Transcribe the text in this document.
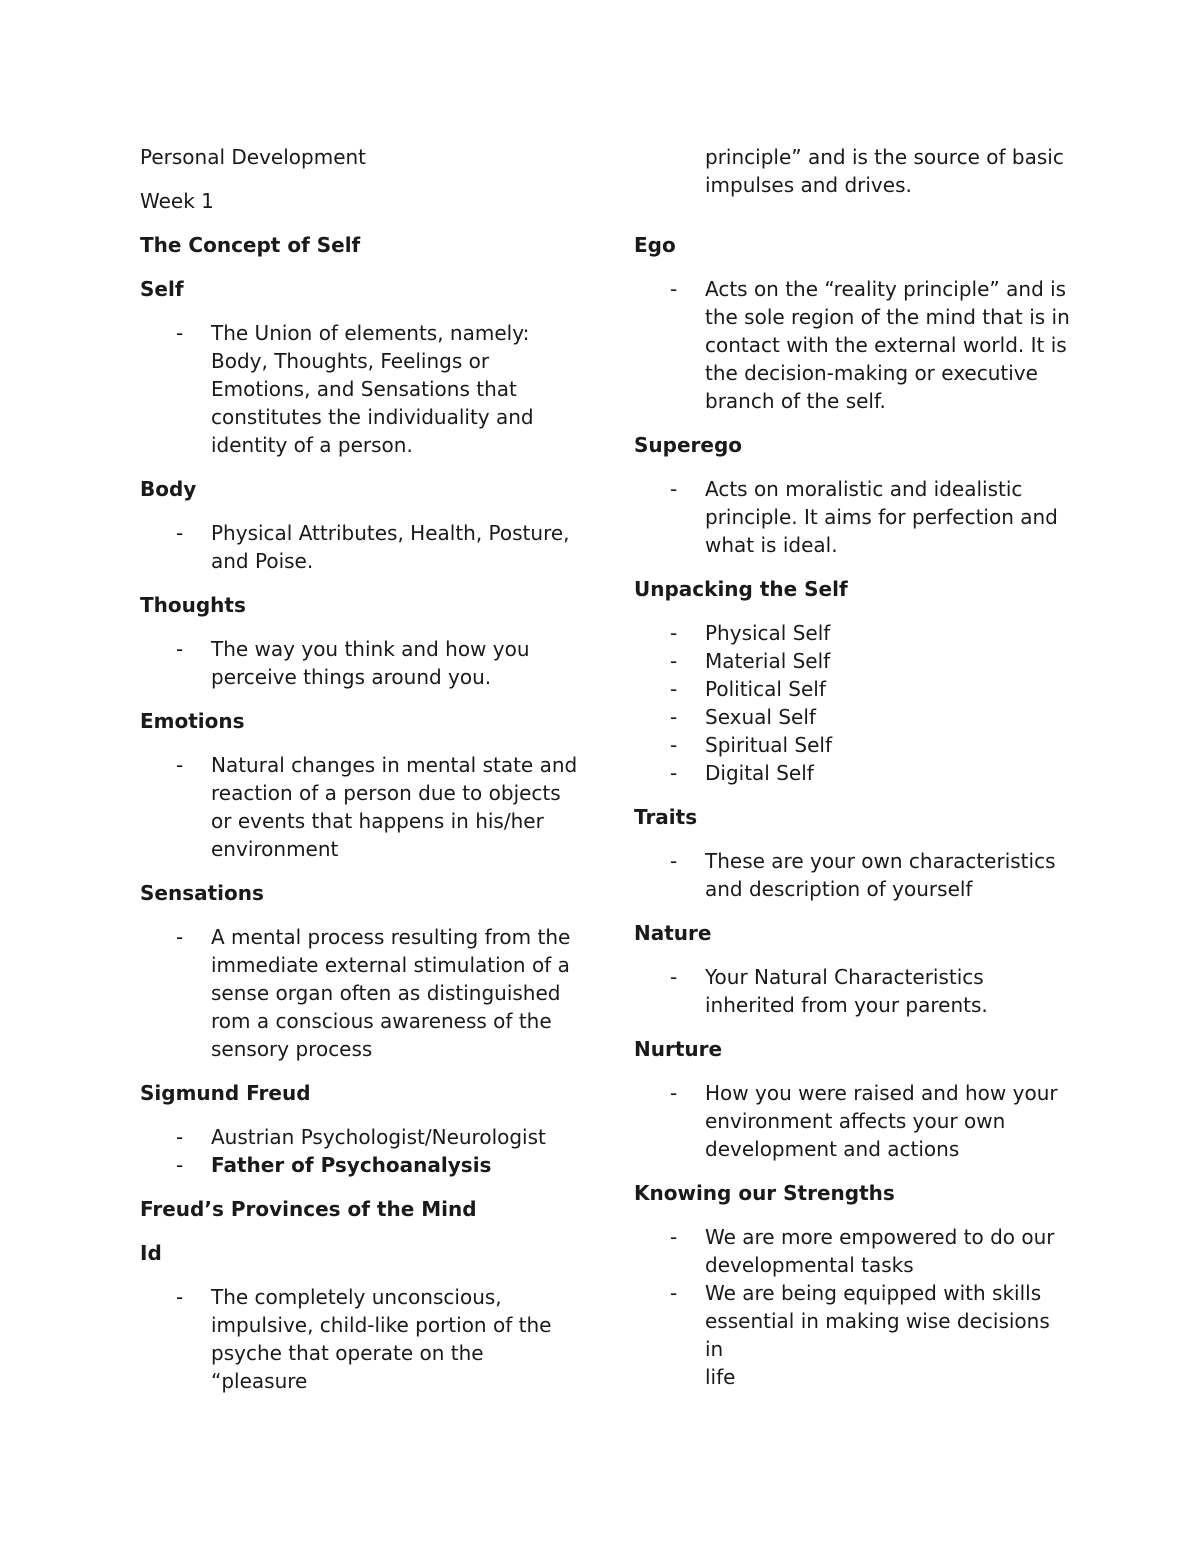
Personal Development

Week 1

The Concept of Self

Self

- The Union of elements, namely:
Body, Thoughts, Feelings or
Emotions, and Sensations that
constitutes the individuality and
identity of a person.

Body

- Physical Attributes, Health, Posture,
and Poise.

Thoughts

- The way you think and how you
perceive things around you.

Emotions

- Natural changes in mental state and
reaction of a person due to objects
or events that happens in his/her
environment

Sensations

- A mental process resulting from the
immediate external stimulation of a
sense organ often as distinguished
rom a conscious awareness of the
sensory process

Sigmund Freud

- Austrian Psychologist/Neurologist
- Father of Psychoanalysis

Freud’s Provinces of the Mind

Id

- The completely unconscious,
impulsive, child-like portion of the
psyche that operate on the “pleasure
principle” and is the source of basic
impulses and drives.

Ego

- Acts on the “reality principle” and is
the sole region of the mind that is in
contact with the external world. It is
the decision-making or executive
branch of the self.

Superego

- Acts on moralistic and idealistic
principle. It aims for perfection and
what is ideal.

Unpacking the Self

- Physical Self
- Material Self
- Political Self
- Sexual Self
- Spiritual Self
- Digital Self

Traits

- These are your own characteristics
and description of yourself

Nature

- Your Natural Characteristics
inherited from your parents.

Nurture

- How you were raised and how your
environment affects your own
development and actions

Knowing our Strengths

- We are more empowered to do our
developmental tasks
- We are being equipped with skills
essential in making wise decisions in
life
